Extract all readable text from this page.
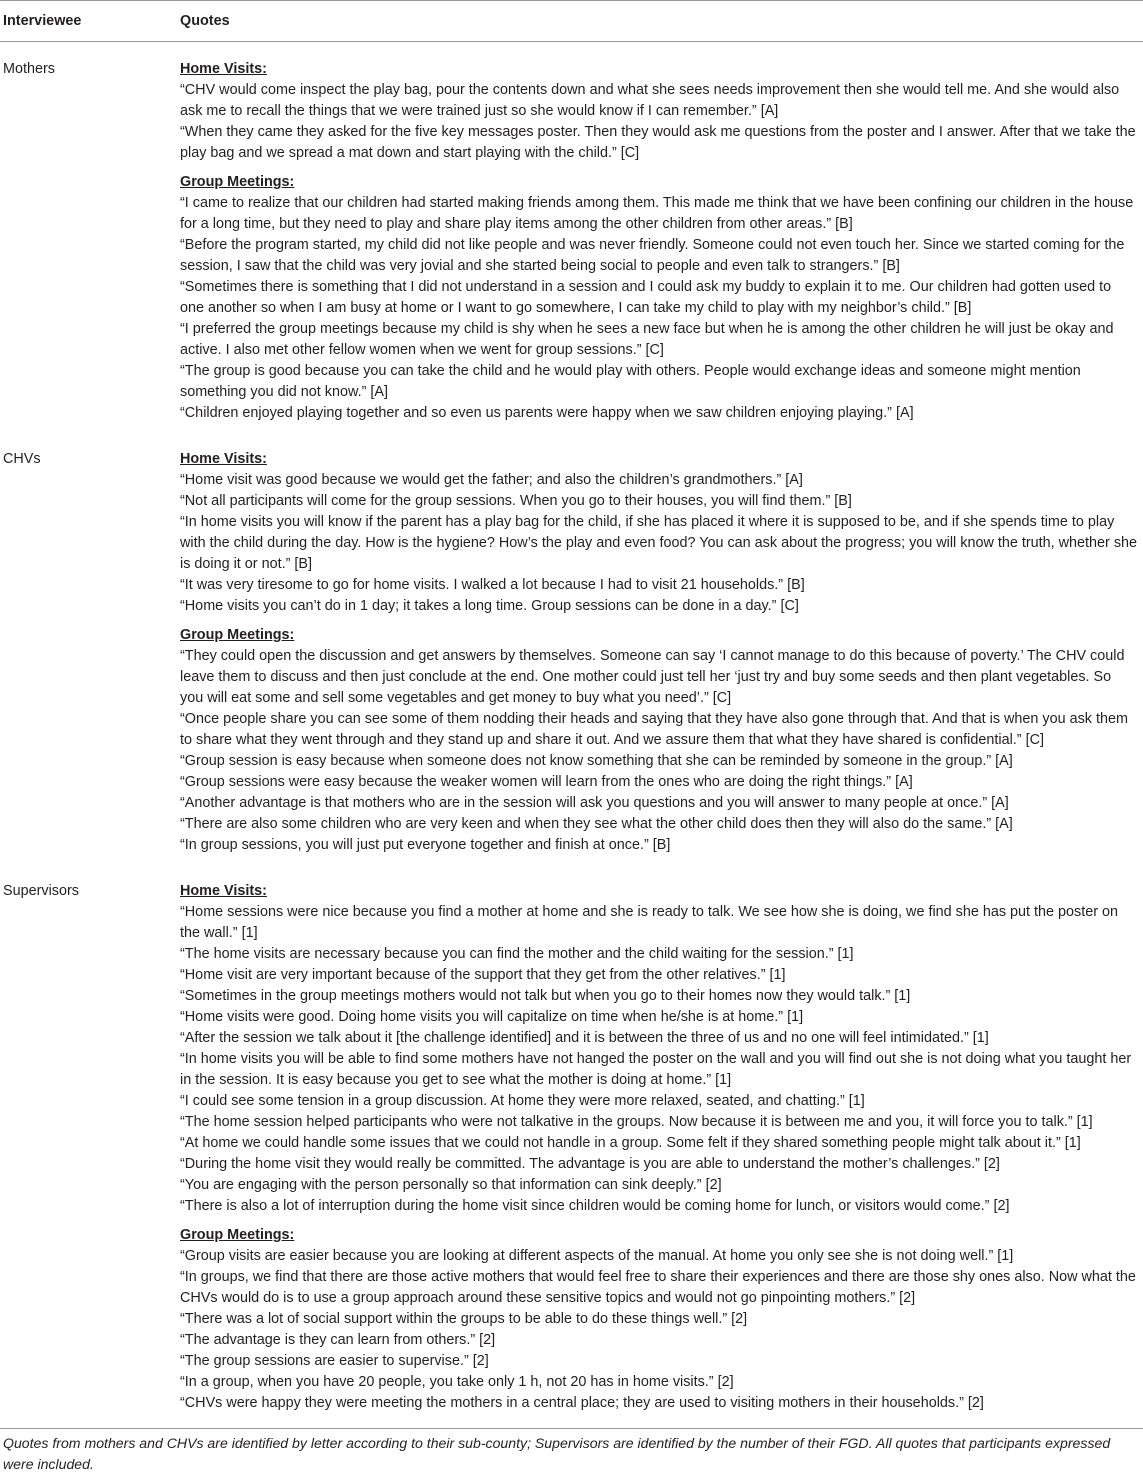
Interviewee	Quotes
Mothers	Home Visits:
“CHV would come inspect the play bag, pour the contents down and what she sees needs improvement then she would tell me. And she would also ask me to recall the things that we were trained just so she would know if I can remember.” [A]
“When they came they asked for the five key messages poster. Then they would ask me questions from the poster and I answer. After that we take the play bag and we spread a mat down and start playing with the child.” [C]
Group Meetings:
“I came to realize that our children had started making friends among them. This made me think that we have been confining our children in the house for a long time, but they need to play and share play items among the other children from other areas.” [B]
“Before the program started, my child did not like people and was never friendly. Someone could not even touch her. Since we started coming for the session, I saw that the child was very jovial and she started being social to people and even talk to strangers.” [B]
“Sometimes there is something that I did not understand in a session and I could ask my buddy to explain it to me. Our children had gotten used to one another so when I am busy at home or I want to go somewhere, I can take my child to play with my neighbor’s child.” [B]
“I preferred the group meetings because my child is shy when he sees a new face but when he is among the other children he will just be okay and active. I also met other fellow women when we went for group sessions.” [C]
“The group is good because you can take the child and he would play with others. People would exchange ideas and someone might mention something you did not know.” [A]
“Children enjoyed playing together and so even us parents were happy when we saw children enjoying playing.” [A]
CHVs	Home Visits:
“Home visit was good because we would get the father; and also the children’s grandmothers.” [A]
“Not all participants will come for the group sessions. When you go to their houses, you will find them.” [B]
“In home visits you will know if the parent has a play bag for the child, if she has placed it where it is supposed to be, and if she spends time to play with the child during the day. How is the hygiene? How’s the play and even food? You can ask about the progress; you will know the truth, whether she is doing it or not.” [B]
“It was very tiresome to go for home visits. I walked a lot because I had to visit 21 households.” [B]
“Home visits you can’t do in 1 day; it takes a long time. Group sessions can be done in a day.” [C]
Group Meetings:
“They could open the discussion and get answers by themselves. Someone can say ‘I cannot manage to do this because of poverty.’ The CHV could leave them to discuss and then just conclude at the end. One mother could just tell her ‘just try and buy some seeds and then plant vegetables. So you will eat some and sell some vegetables and get money to buy what you need’.” [C]
“Once people share you can see some of them nodding their heads and saying that they have also gone through that. And that is when you ask them to share what they went through and they stand up and share it out. And we assure them that what they have shared is confidential.” [C]
“Group session is easy because when someone does not know something that she can be reminded by someone in the group.” [A]
“Group sessions were easy because the weaker women will learn from the ones who are doing the right things.” [A]
“Another advantage is that mothers who are in the session will ask you questions and you will answer to many people at once.” [A]
“There are also some children who are very keen and when they see what the other child does then they will also do the same.” [A]
“In group sessions, you will just put everyone together and finish at once.” [B]
Supervisors	Home Visits:
“Home sessions were nice because you find a mother at home and she is ready to talk. We see how she is doing, we find she has put the poster on the wall.” [1]
“The home visits are necessary because you can find the mother and the child waiting for the session.” [1]
“Home visit are very important because of the support that they get from the other relatives.” [1]
“Sometimes in the group meetings mothers would not talk but when you go to their homes now they would talk.” [1]
“Home visits were good. Doing home visits you will capitalize on time when he/she is at home.” [1]
“After the session we talk about it [the challenge identified] and it is between the three of us and no one will feel intimidated.” [1]
“In home visits you will be able to find some mothers have not hanged the poster on the wall and you will find out she is not doing what you taught her in the session. It is easy because you get to see what the mother is doing at home.” [1]
“I could see some tension in a group discussion. At home they were more relaxed, seated, and chatting.” [1]
“The home session helped participants who were not talkative in the groups. Now because it is between me and you, it will force you to talk.” [1]
“At home we could handle some issues that we could not handle in a group. Some felt if they shared something people might talk about it.” [1]
“During the home visit they would really be committed. The advantage is you are able to understand the mother’s challenges.” [2]
“You are engaging with the person personally so that information can sink deeply.” [2]
“There is also a lot of interruption during the home visit since children would be coming home for lunch, or visitors would come.” [2]
Group Meetings:
“Group visits are easier because you are looking at different aspects of the manual. At home you only see she is not doing well.” [1]
“In groups, we find that there are those active mothers that would feel free to share their experiences and there are those shy ones also. Now what the CHVs would do is to use a group approach around these sensitive topics and would not go pinpointing mothers.” [2]
“There was a lot of social support within the groups to be able to do these things well.” [2]
“The advantage is they can learn from others.” [2]
“The group sessions are easier to supervise.” [2]
“In a group, when you have 20 people, you take only 1 h, not 20 has in home visits.” [2]
“CHVs were happy they were meeting the mothers in a central place; they are used to visiting mothers in their households.” [2]
Quotes from mothers and CHVs are identified by letter according to their sub-county; Supervisors are identified by the number of their FGD. All quotes that participants expressed were included.
